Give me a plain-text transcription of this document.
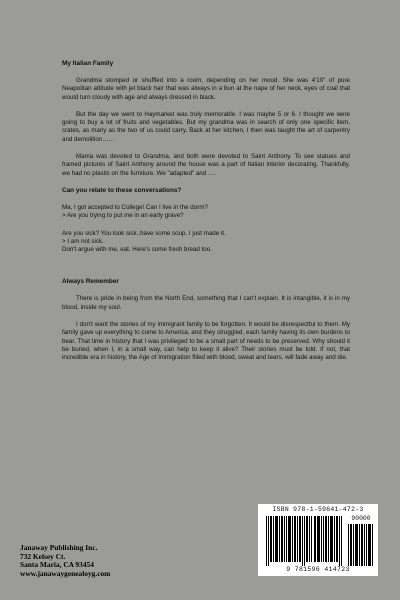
My Italian Family

Grandma stomped or shuffled into a room, depending on her mood. She was 4'10" of pure Neapolitan attitude with jet black hair that was always in a bun at the nape of her neck, eyes of coal that would turn cloudy with age and always dressed in black.

But the day we went to Haymarket was truly memorable. I was maybe 5 or 6. I thought we were going to buy a lot of fruits and vegetables. But my grandma was in search of only one specific item, crates, as many as the two of us could carry. Back at her kitchen, I then was taught the art of carpentry and demolition……

Mama was devoted to Grandma, and both were devoted to Saint Anthony. To see statues and framed pictures of Saint Anthony around the house was a part of Italian interior decorating. Thankfully, we had no plastic on the furniture. We "adapted" and ….

Can you relate to these conversations?

Ma, I got accepted to College! Can I live in the dorm?

> Are you trying to put me in an early grave?

Are you sick? You look sick..have some soup. I just made it.

> I am not sick.

Don't argue with me, eat. Here's some fresh bread too.

Always Remember

There is pride in being from the North End, something that I can't explain. It is intangible, it is in my blood, inside my soul.

I don't want the stories of my immigrant family to be forgotten. It would be disrespectful to them. My family gave up everything to come to America, and they struggled, each family having its own burdens to bear. That time in history that I was privileged to be a small part of needs to be preserved. Why should it be buried, when I, in a small way, can help to keep it alive? Their stories must be told. If not, that incredible era in history, the Age of Immigration filled with blood, sweat and tears, will fade away and die.

Janaway Publishing Inc.
732 Kelsey Ct.
Santa Maria, CA 93454
www.janawaygenealoyg.com
ISBN 978-1-59641-472-3
90000
9 781596 414723
